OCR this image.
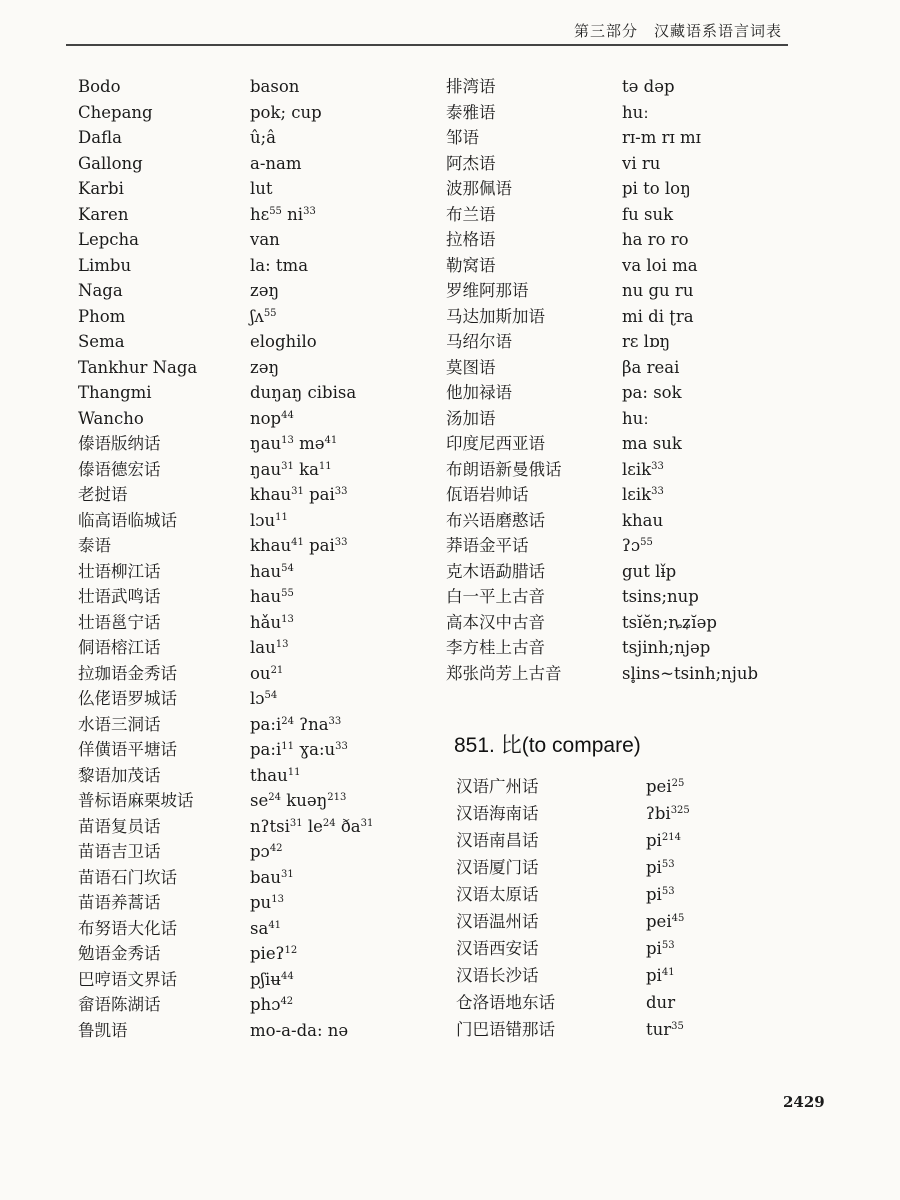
第三部分　汉藏语系语言词表
Bodo	bason
Chepang	pok; cup
Dafla	û;â
Gallong	a-nam
Karbi	lut
Karen	hɛ$^{55}$ $ni^{33}$
Lepcha	van
Limbu	la: tma
Naga	zəŋ
Phom	ʃʌ$^{55}$
Sema	eloghilo
Tankhur Naga	zəŋ
Thangmi	duŋaŋ cibisa
Wancho	nop$^{44}$
傣语版纳话	ŋau$^{13}$ mə$^{41}$
傣语德宏话	ŋau$^{31}$ $ka^{11}$
老挝语	khau$^{31}$ pai$^{33}$
临高语临城话	lɔu$^{11}$
泰语	khau$^{41}$ pai$^{33}$
壮语柳江话	hau$^{54}$
壮语武鸣话	hau$^{55}$
壮语邕宁话	hǎu$^{13}$
侗语榕江话	lau$^{13}$
拉珈语金秀话	$ou^{21}$
仫佬语罗城话	lɔ$^{54}$
水语三洞话	$pa:i^{24}$ ʔna$^{33}$
佯僙语平塘话	$pa:i^{11}$ $ɣa:u^{33}$
黎语加茂话	thau$^{11}$
普标语麻栗坡话	$se^{24}$ kuəŋ$^{213}$
苗语复员话	nʔtsi$^{31}$ $le^{24}$ $ða^{31}$
苗语吉卫话	pɔ$^{42}$
苗语石门坎话	bau$^{31}$
苗语养蒿话	$pu^{13}$
布努语大化话	$sa^{41}$
勉语金秀话	pieʔ$^{12}$
巴哼语文界话	pʃiʉ$^{44}$
畲语陈湖话	phɔ$^{42}$
鲁凯语	mo-a-da: nə
排湾语	tə dəp
泰雅语	huː
邹语	rɪ-m rɪ mɪ
阿杰语	vi ru
波那佩语	pi to loŋ
布兰语	fu suk
拉格语	ha ro ro
勒窝语	va loi ma
罗维阿那语	nu gu ru
马达加斯加语	mi di ʈra
马绍尔语	rɛ lɒŋ
莫图语	βa reai
他加禄语	pa: sok
汤加语	huː
印度尼西亚语	ma suk
布朗语新曼俄话	lɛik$^{33}$
佤语岩帅话	lɛik$^{33}$
布兴语磨憨话	khau
莽语金平话	ʔɔ$^{55}$
克木语勐腊话	gut lɨ̌p
白一平上古音	tsins;nup
高本汉中古音	tsĭĕn;ȵʑĭəp
李方桂上古音	tsjinh;njəp
郑张尚芳上古音	sl̥ins~tsinh;njub
851. 比(to compare)
汉语广州话	pei$^{25}$
汉语海南话	ʔbi$^{325}$
汉语南昌话	$pi^{214}$
汉语厦门话	$pi^{53}$
汉语太原话	$pi^{53}$
汉语温州话	pei$^{45}$
汉语西安话	$pi^{53}$
汉语长沙话	$pi^{41}$
仓洛语地东话	dur
门巴语错那话	tur$^{35}$
2429
